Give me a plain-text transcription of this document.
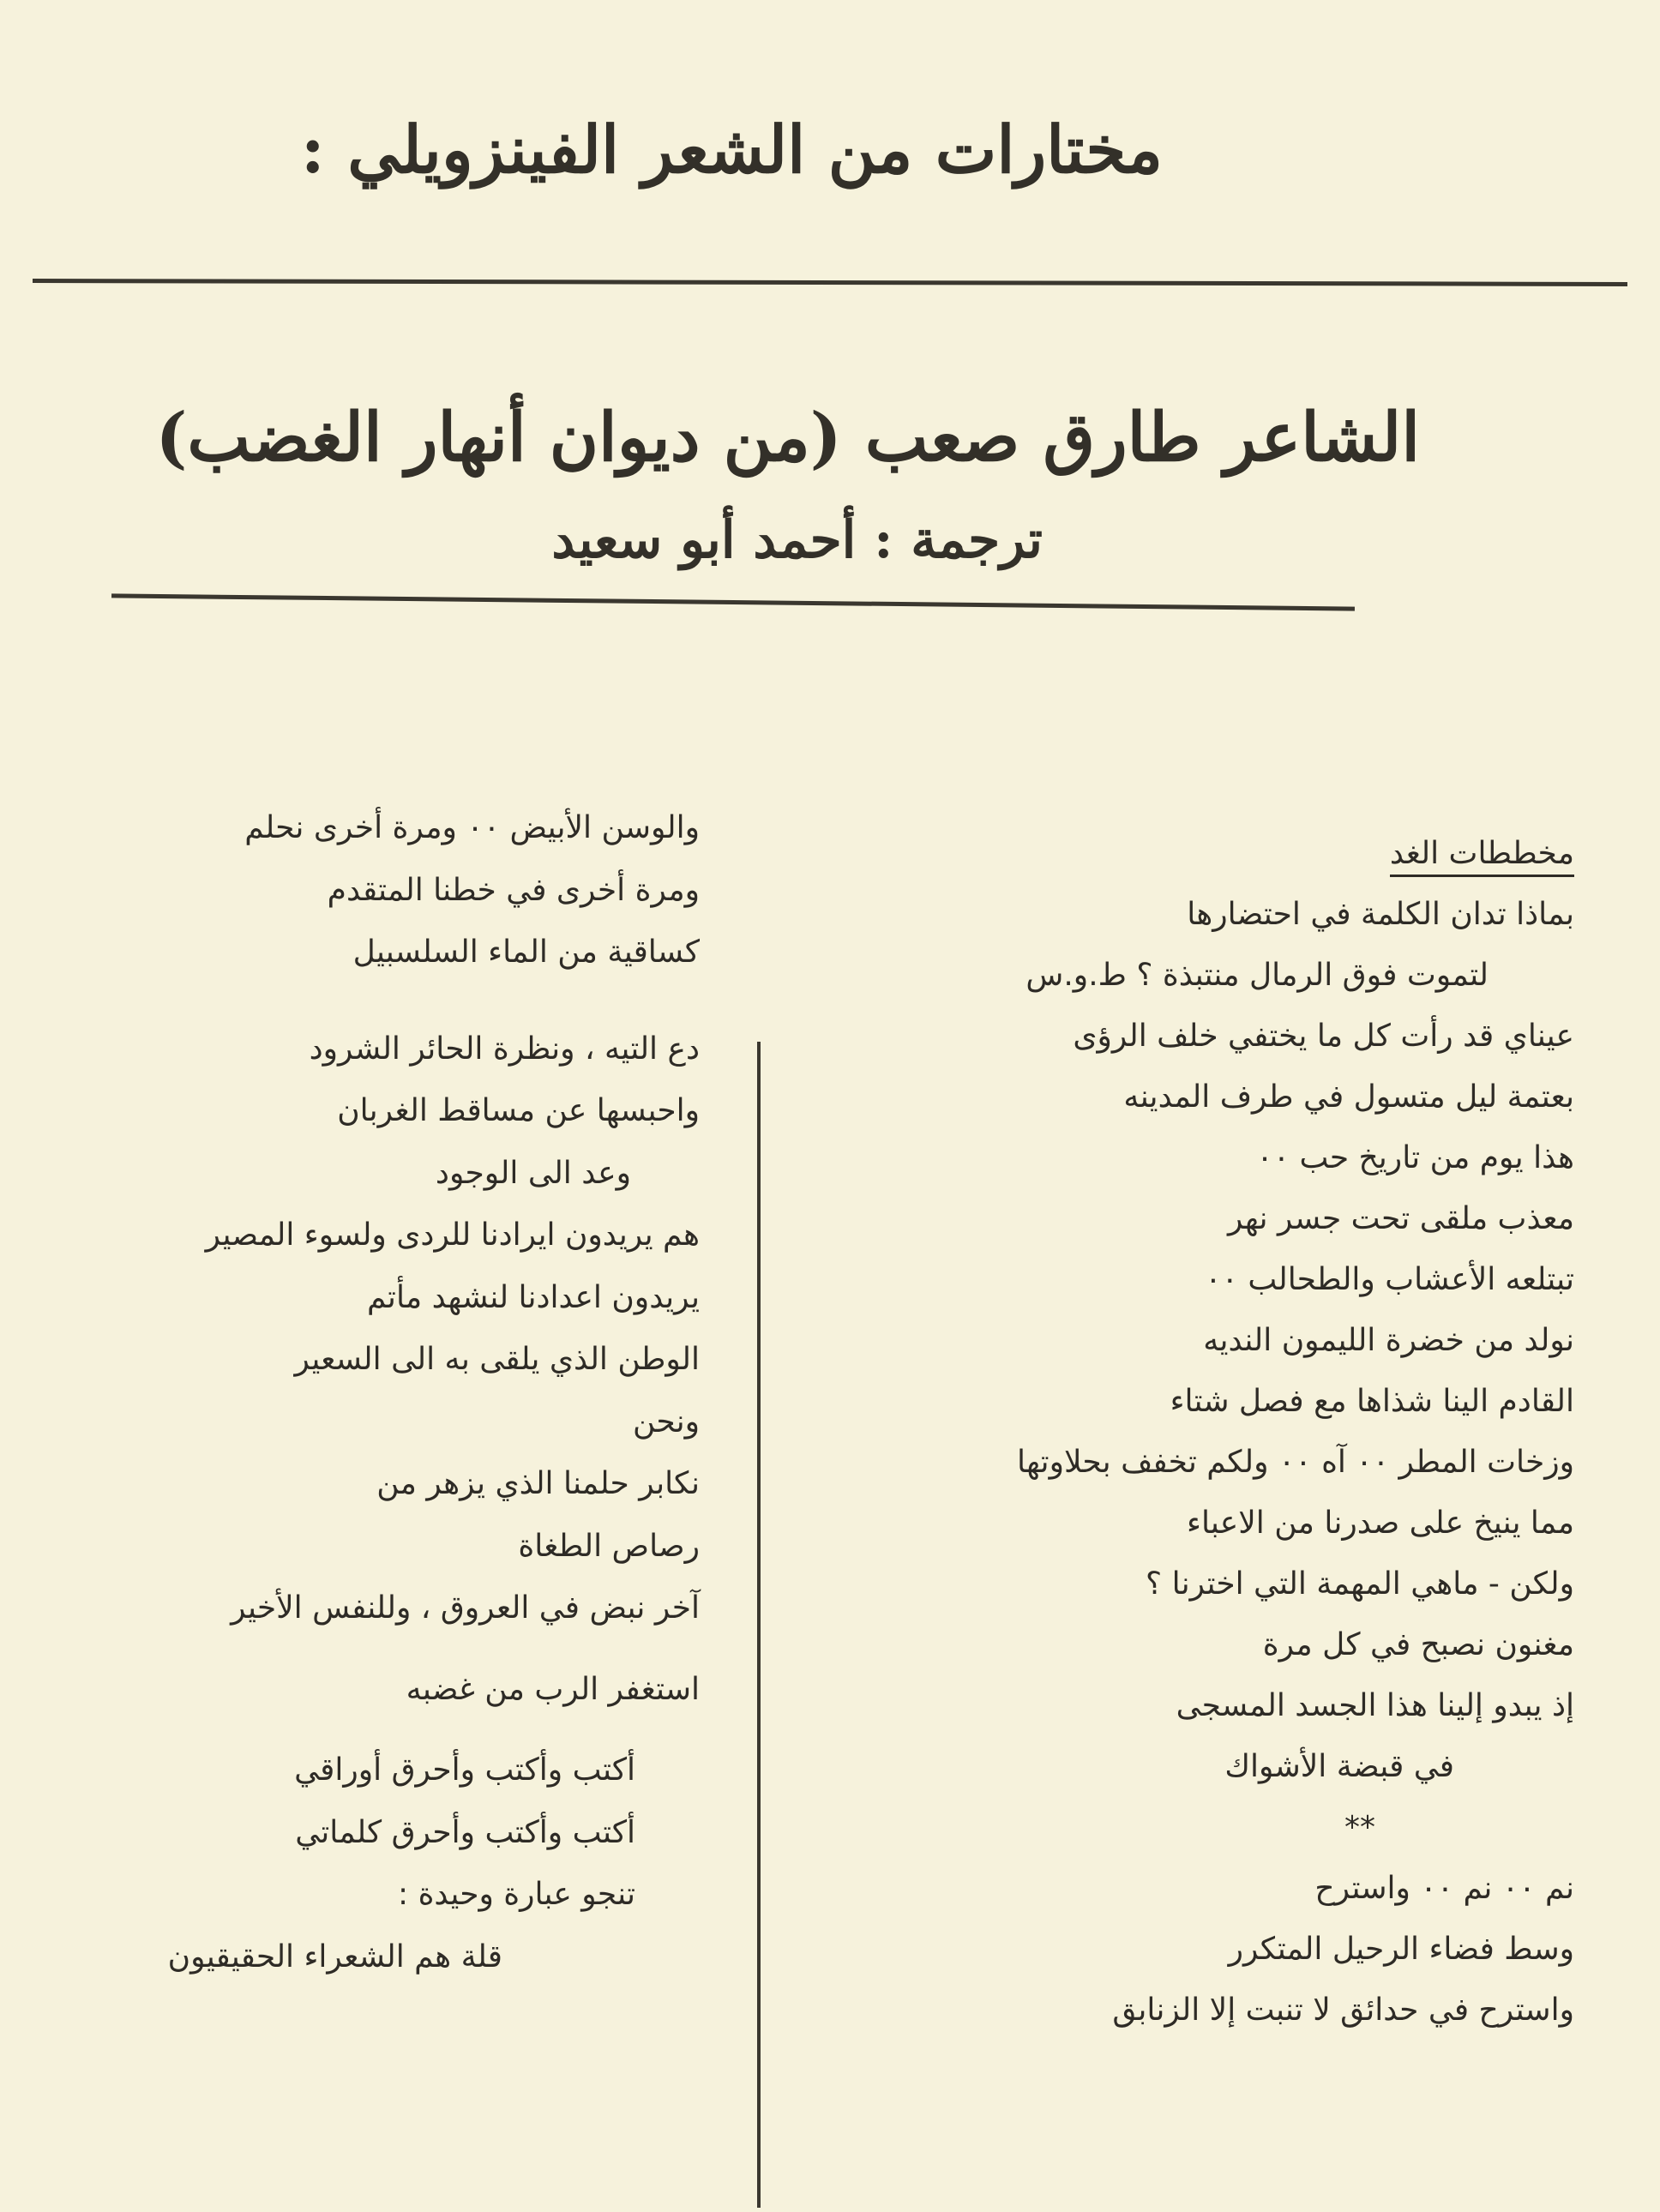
مختارات من الشعر الفينزويلي :
الشاعر طارق صعب (من ديوان أنهار الغضب)
ترجمة : أحمد أبو سعيد
مخططات الغد
بماذا تدان الكلمة في احتضارها
لتموت فوق الرمال منتبذة ؟ ط.و.س
عيناي قد رأت كل ما يختفي خلف الرؤى
بعتمة ليل متسول في طرف المدينه
هذا يوم من تاريخ حب ٠٠
معذب ملقى تحت جسر نهر
تبتلعه الأعشاب والطحالب ٠٠
نولد من خضرة الليمون النديه
القادم الينا شذاها مع فصل شتاء
وزخات المطر ٠٠ آه ٠٠ ولكم تخفف بحلاوتها
مما ينيخ على صدرنا من الاعباء
ولكن - ماهي المهمة التي اخترنا ؟
مغنون نصبح في كل مرة
إذ يبدو إلينا هذا الجسد المسجى
في قبضة الأشواك
**
نم ٠٠ نم ٠٠ واسترح
وسط فضاء الرحيل المتكرر
واسترح في حدائق لا تنبت إلا الزنابق
والوسن الأبيض ٠٠ ومرة أخرى نحلم
ومرة أخرى في خطنا المتقدم
كساقية من الماء السلسبيل
دع التيه ، ونظرة الحائر الشرود
واحبسها عن مساقط الغربان
وعد الى الوجود
هم يريدون ايرادنا للردى ولسوء المصير
يريدون اعدادنا لنشهد مأتم
الوطن الذي يلقى به الى السعير
ونحن
نكابر حلمنا الذي يزهر من
رصاص الطغاة
آخر نبض في العروق ، وللنفس الأخير
استغفر الرب من غضبه
أكتب وأكتب وأحرق أوراقي
أكتب وأكتب وأحرق كلماتي
تنجو عبارة وحيدة :
قلة هم الشعراء الحقيقيون
